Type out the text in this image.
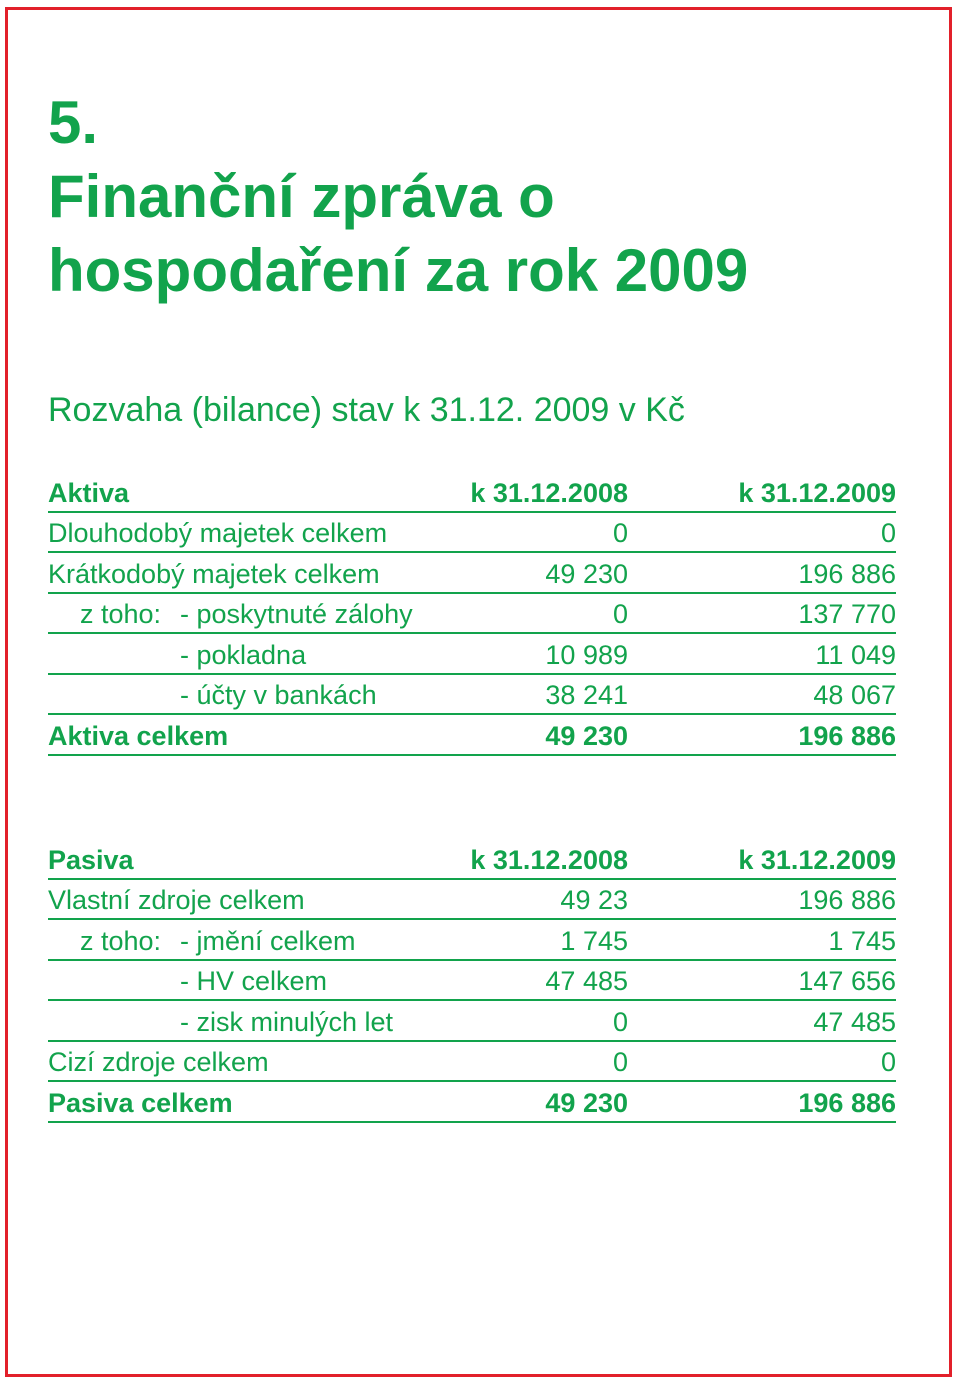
5.
Finanční zpráva o
hospodaření za rok 2009
Rozvaha (bilance) stav k 31.12. 2009 v Kč
Aktiva	k 31.12.2008	k 31.12.2009
Dlouhodobý majetek celkem	0	0
Krátkodobý majetek celkem	49 230	196 886
z toho: - poskytnuté zálohy	0	137 770
- pokladna	10 989	11 049
- účty v bankách	38 241	48 067
Aktiva celkem	49 230	196 886
Pasiva	k 31.12.2008	k 31.12.2009
Vlastní zdroje celkem	49 23	196 886
z toho: - jmění celkem	1 745	1 745
- HV celkem	47 485	147 656
- zisk minulých let	0	47 485
Cizí zdroje celkem	0	0
Pasiva celkem	49 230	196 886
